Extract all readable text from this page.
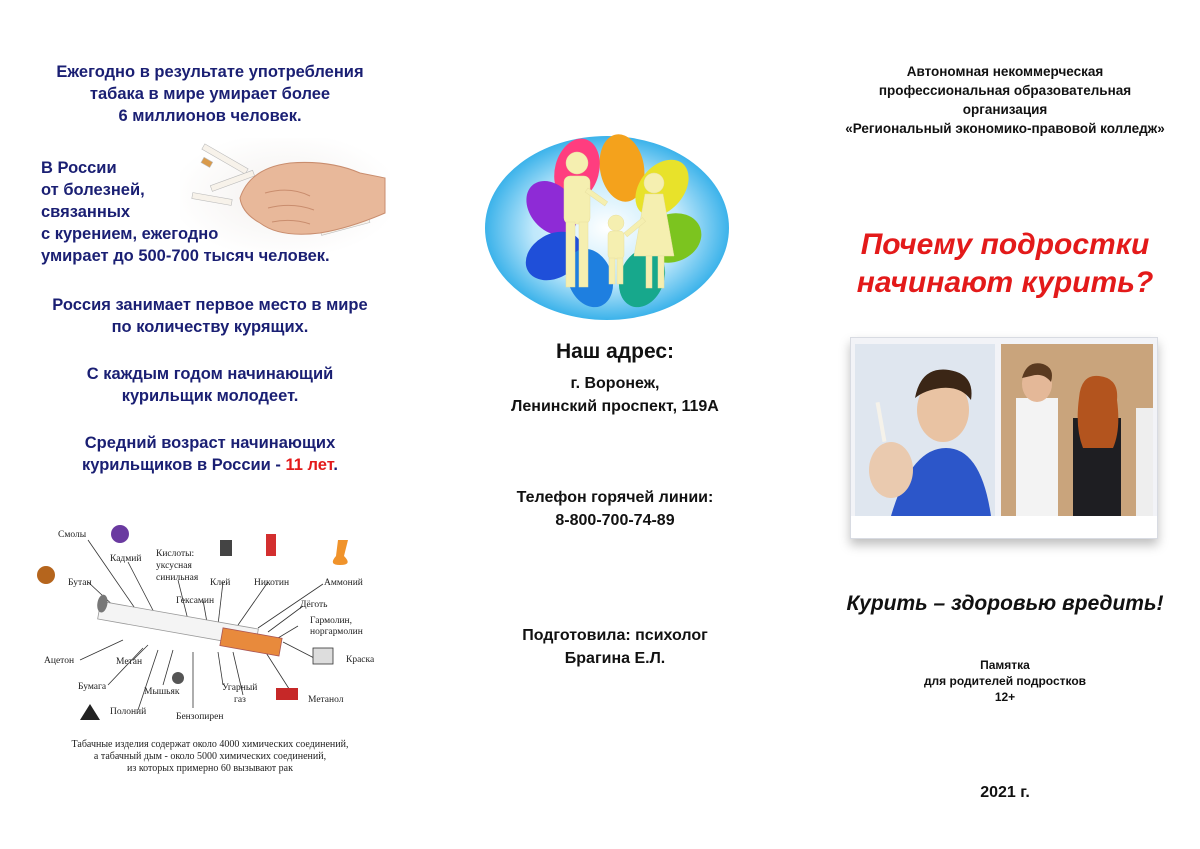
Ежегодно в результате употребления
табака в мире умирает более
6 миллионов человек.
В России
от болезней,
связанных
с курением, ежегодно
умирает до 500-700 тысяч человек.
Россия занимает первое место в мире
по количеству курящих.
С каждым годом начинающий
курильщик молодеет.
Средний возраст начинающих
курильщиков в России - 11 лет.
Смолы
Кадмий Кислоты:
уксусная
синильная Клей Никотин	Аммоний
Бутан
Гексамин	Дёготь
Гармолин,
норгармолин
Ацетон	Метан	Краска
Бумага	Мышьяк	Угарный
газ	Метанол
Полоний	Бензопирен
Табачные изделия содержат около 4000 химических соединений,
а табачный дым - около 5000 химических соединений,
из которых примерно 60 вызывают рак
Наш адрес:
г. Воронеж,
Ленинский проспект, 119А
Телефон горячей линии:
8-800-700-74-89
Подготовила: психолог
Брагина Е.Л.
Автономная некоммерческая
профессиональная образовательная
организация
«Региональный экономико-правовой колледж»
Почему подростки
начинают курить?
Курить – здоровью вредить!
Памятка
для родителей подростков
12+
2021 г.
